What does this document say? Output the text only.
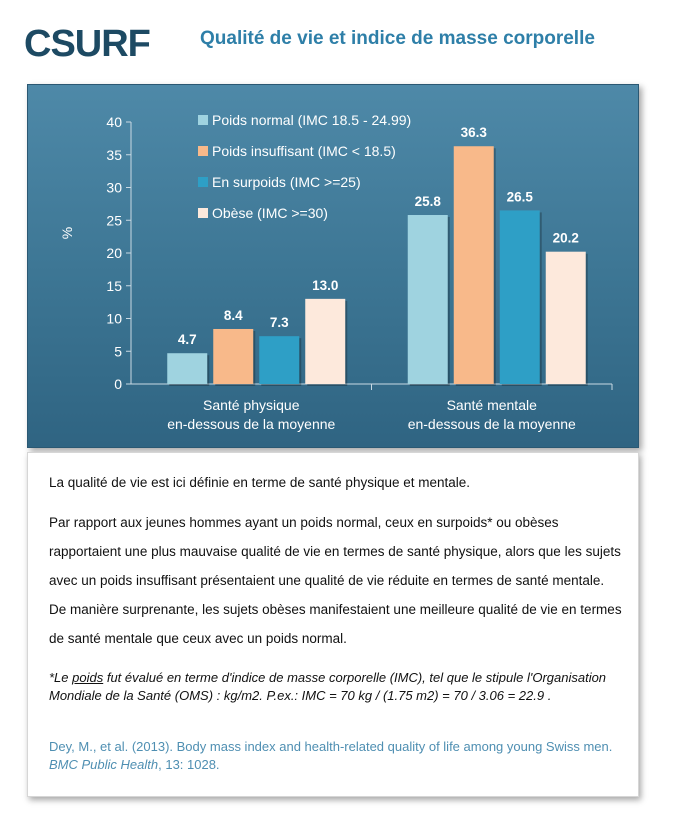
CSURF	Qualité de vie et indice de masse corporelle
0
5
10
15
20
25
30
35
40
%
4.7
8.4 7.3
13.0
Santé physique
en-dessous de la moyenne
25.8
36.3
26.5
20.2
Santé mentale
en-dessous de la moyenne
Poids normal (IMC 18.5 - 24.99)
Poids insuffisant (IMC < 18.5)
En surpoids (IMC >=25)
Obèse (IMC >=30)
La qualité de vie est ici définie en terme de santé physique et mentale.
Par rapport aux jeunes hommes ayant un poids normal, ceux en surpoids* ou obèses rapportaient une plus mauvaise qualité de vie en termes de santé physique, alors que les sujets avec un poids insuffisant présentaient une qualité de vie réduite en termes de santé mentale. De manière surprenante, les sujets obèses manifestaient une meilleure qualité de vie en termes de santé mentale que ceux avec un poids normal.
*Le poids fut évalué en terme d'indice de masse corporelle (IMC), tel que le stipule l'Organisation Mondiale de la Santé (OMS) : kg/m2. P.ex.: IMC = 70 kg / (1.75 m2) = 70 / 3.06 = 22.9 .
Dey, M., et al. (2013). Body mass index and health-related quality of life among young Swiss men. BMC Public Health, 13: 1028.
